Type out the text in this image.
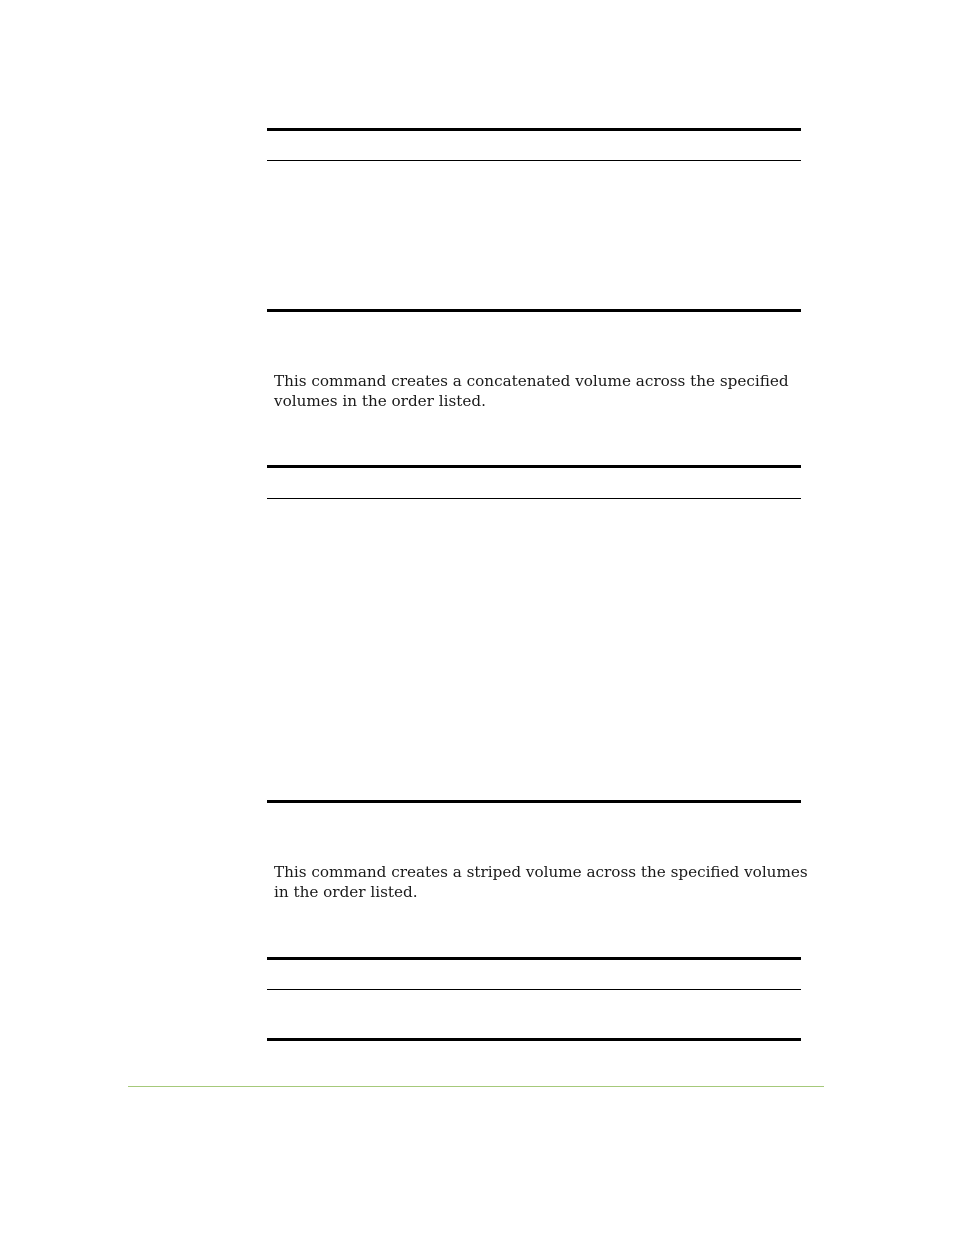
This command creates a concatenated volume across the specified volumes in the order listed.

This command creates a striped volume across the specified volumes in the order listed.
